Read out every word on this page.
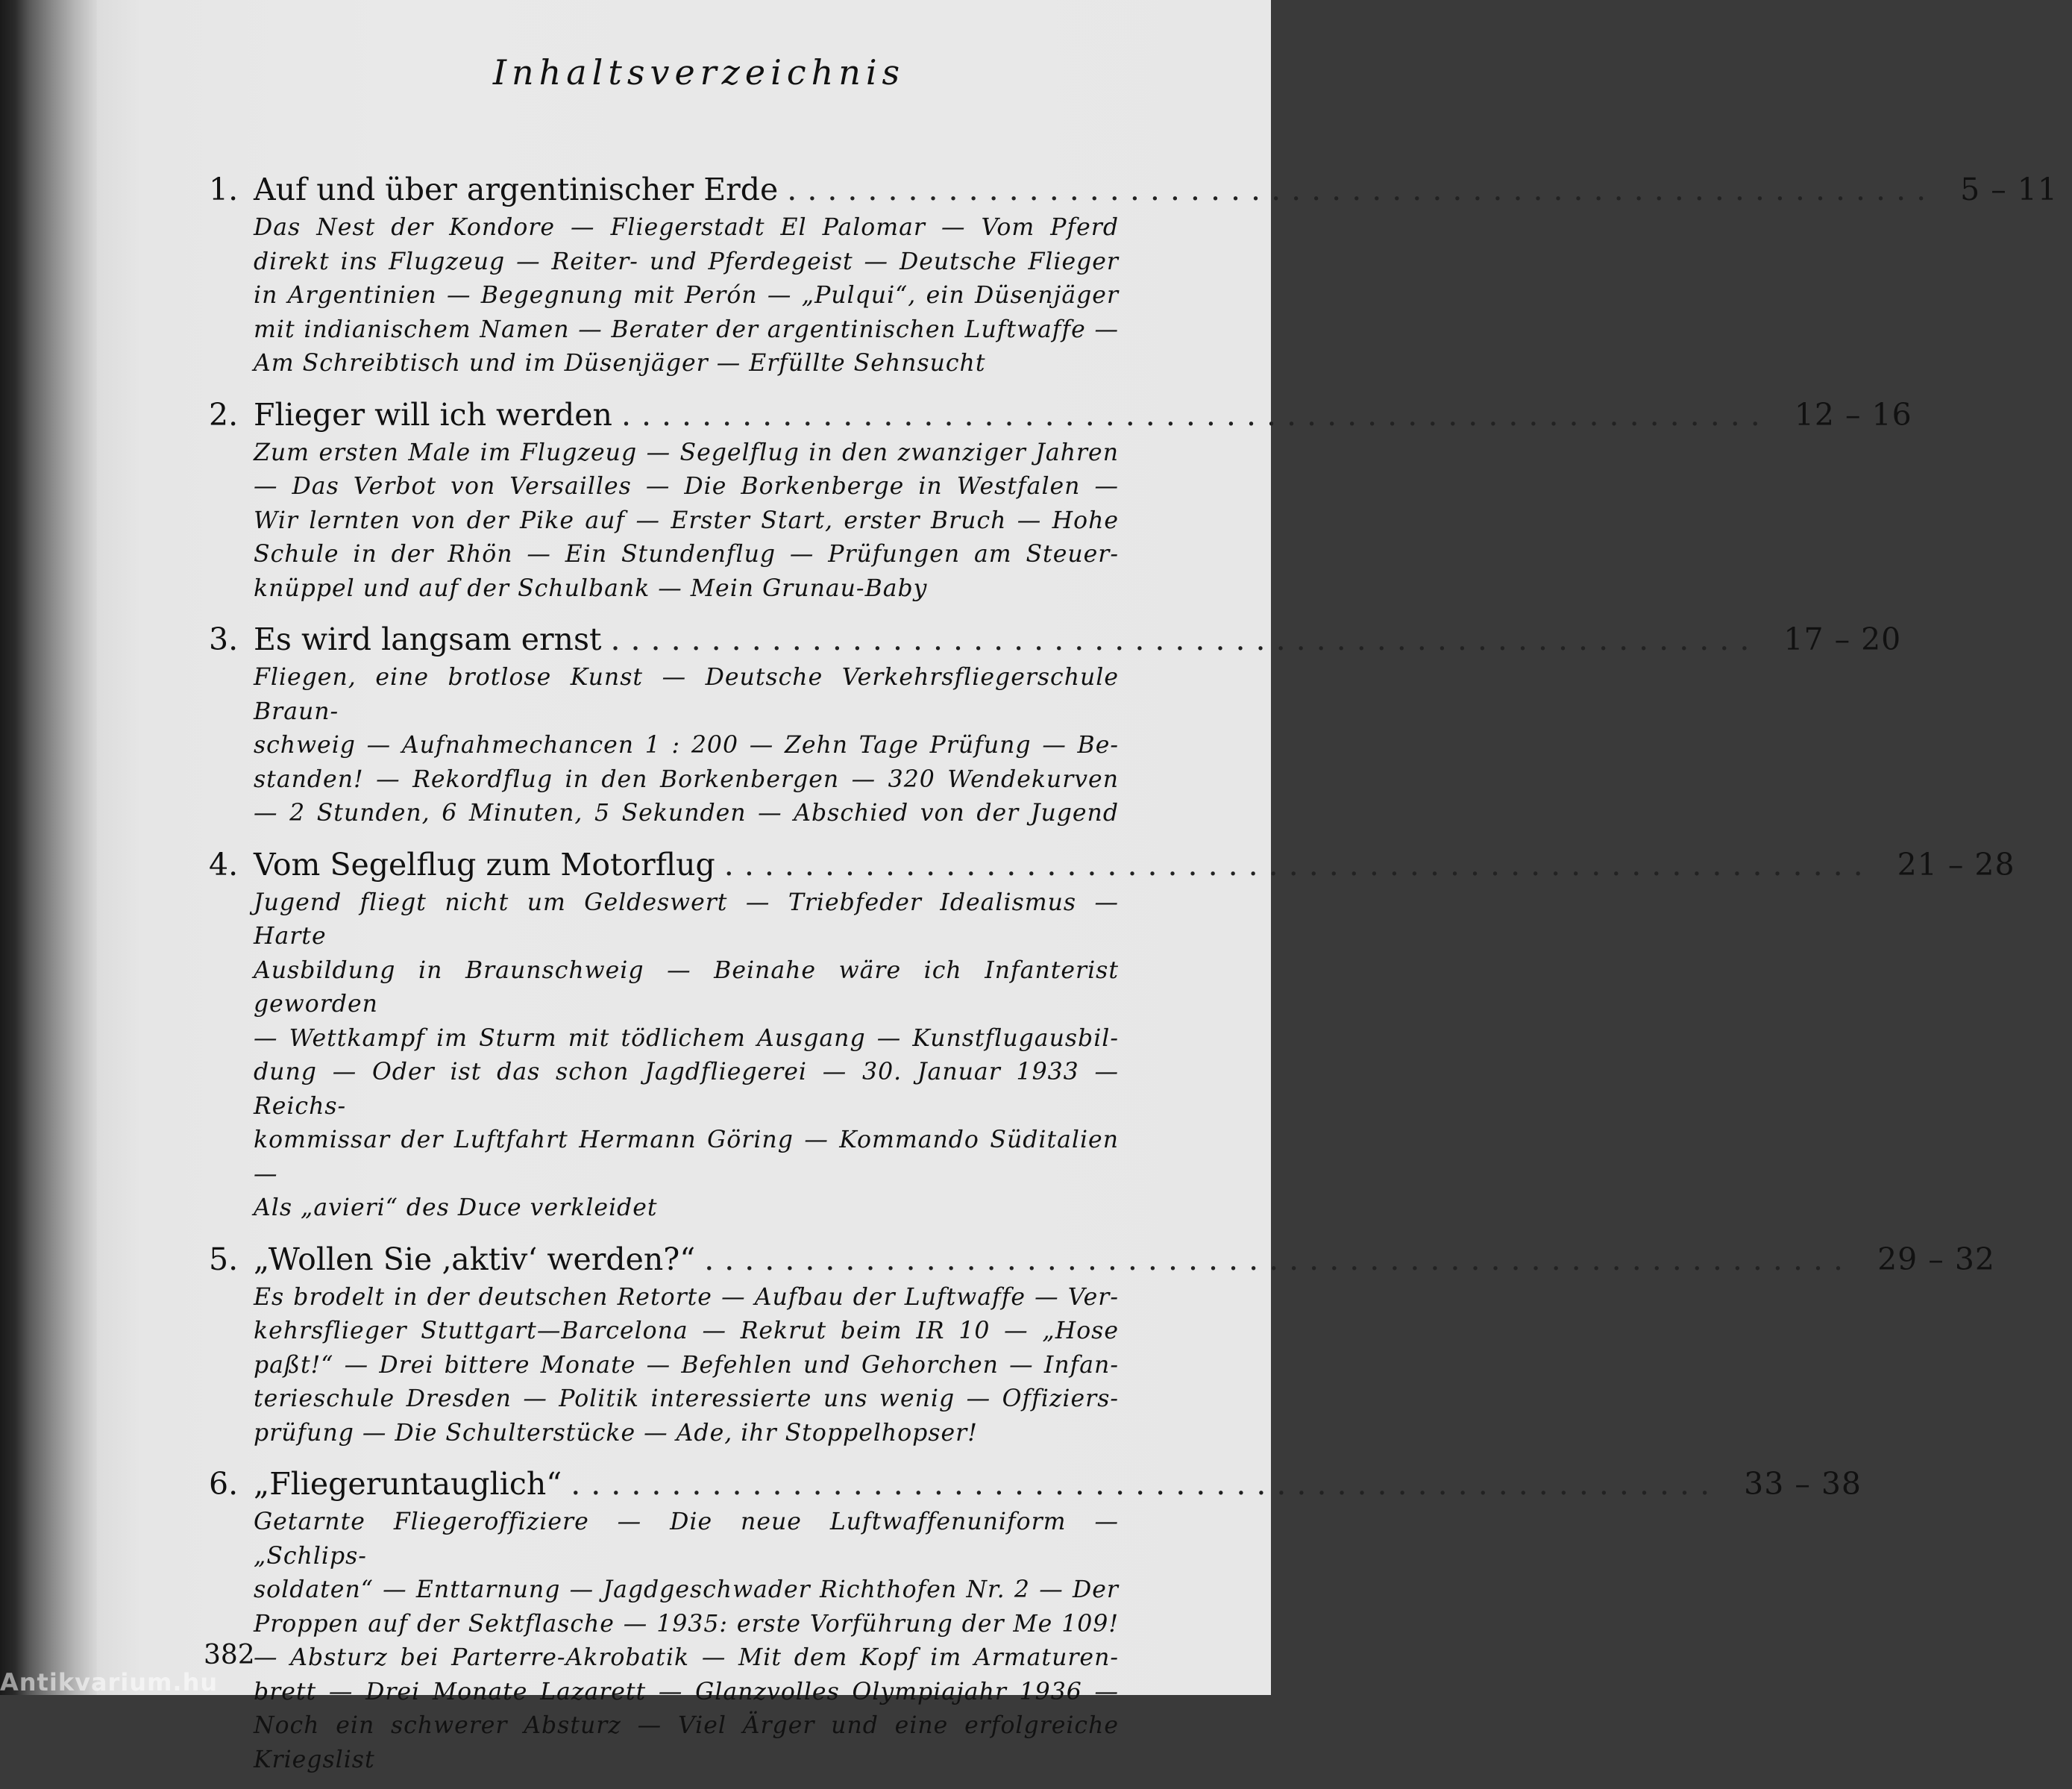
Inhaltsverzeichnis
1. Auf und über argentinischer Erde ......................................................... 5 – 11
Das Nest der Kondore — Fliegerstadt El Palomar — Vom Pferd
direkt ins Flugzeug — Reiter- und Pferdegeist — Deutsche Flieger
in Argentinien — Begegnung mit Perón — „Pulqui“, ein Düsenjäger
mit indianischem Namen — Berater der argentinischen Luftwaffe —
Am Schreibtisch und im Düsenjäger — Erfüllte Sehnsucht
2. Flieger will ich werden ......................................................... 12 – 16
Zum ersten Male im Flugzeug — Segelflug in den zwanziger Jahren
— Das Verbot von Versailles — Die Borkenberge in Westfalen —
Wir lernten von der Pike auf — Erster Start, erster Bruch — Hohe
Schule in der Rhön — Ein Stundenflug — Prüfungen am Steuer-
knüppel und auf der Schulbank — Mein Grunau-Baby
3. Es wird langsam ernst ......................................................... 17 – 20
Fliegen, eine brotlose Kunst — Deutsche Verkehrsfliegerschule Braun-
schweig — Aufnahmechancen 1 : 200 — Zehn Tage Prüfung — Be-
standen! — Rekordflug in den Borkenbergen — 320 Wendekurven
— 2 Stunden, 6 Minuten, 5 Sekunden — Abschied von der Jugend
4. Vom Segelflug zum Motorflug ......................................................... 21 – 28
Jugend fliegt nicht um Geldeswert — Triebfeder Idealismus — Harte
Ausbildung in Braunschweig — Beinahe wäre ich Infanterist geworden
— Wettkampf im Sturm mit tödlichem Ausgang — Kunstflugausbil-
dung — Oder ist das schon Jagdfliegerei — 30. Januar 1933 — Reichs-
kommissar der Luftfahrt Hermann Göring — Kommando Süditalien —
Als „avieri“ des Duce verkleidet
5. „Wollen Sie ‚aktiv‘ werden?“ ......................................................... 29 – 32
Es brodelt in der deutschen Retorte — Aufbau der Luftwaffe — Ver-
kehrsflieger Stuttgart—Barcelona — Rekrut beim IR 10 — „Hose
paßt!“ — Drei bittere Monate — Befehlen und Gehorchen — Infan-
terieschule Dresden — Politik interessierte uns wenig — Offiziers-
prüfung — Die Schulterstücke — Ade, ihr Stoppelhopser!
6. „Fliegeruntauglich“ ......................................................... 33 – 38
Getarnte Fliegeroffiziere — Die neue Luftwaffenuniform — „Schlips-
soldaten“ — Enttarnung — Jagdgeschwader Richthofen Nr. 2 — Der
Proppen auf der Sektflasche — 1935: erste Vorführung der Me 109!
— Absturz bei Parterre-Akrobatik — Mit dem Kopf im Armaturen-
brett — Drei Monate Lazarett — Glanzvolles Olympiajahr 1936 —
Noch ein schwerer Absturz — Viel Ärger und eine erfolgreiche Kriegslist
382
Antikvarium.hu
